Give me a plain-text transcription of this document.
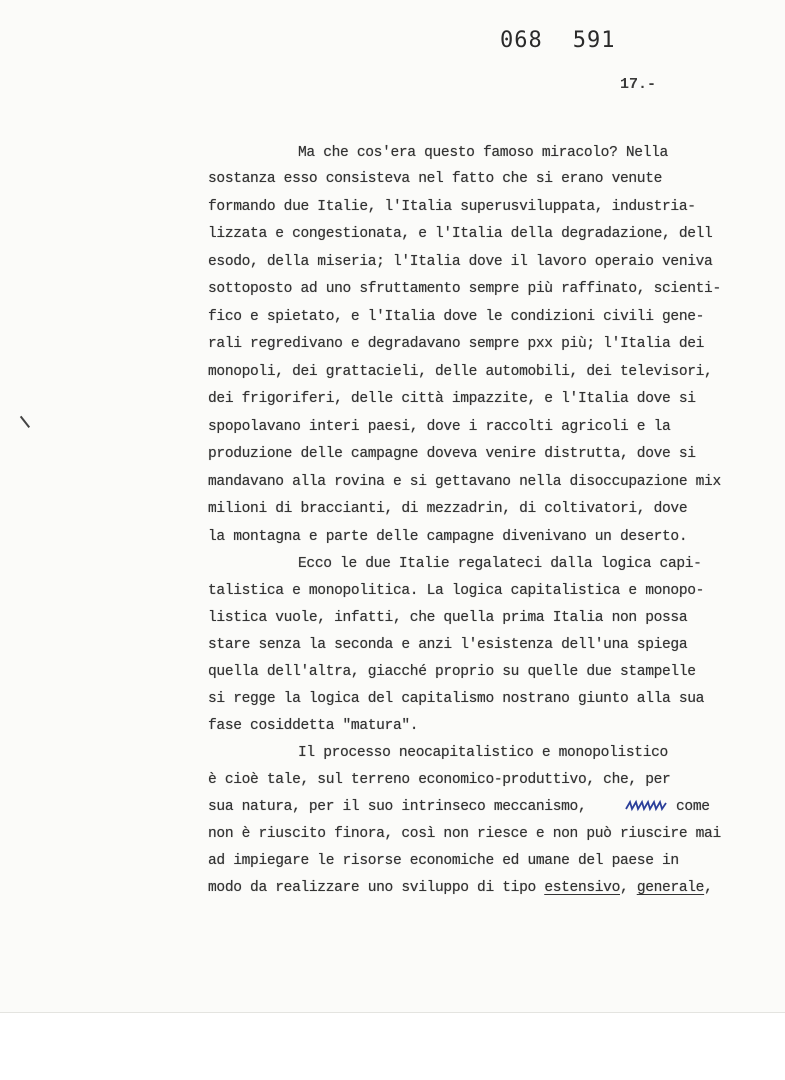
068 591
17.-
Ma che cos'era questo famoso miracolo? Nella
sostanza esso consisteva nel fatto che si erano venute
formando due Italie, l'Italia superusviluppata, industria-
lizzata e congestionata, e l'Italia della degradazione, dell
esodo, della miseria; l'Italia dove il lavoro operaio veniva
sottoposto ad uno sfruttamento sempre più raffinato, scienti-
fico e spietato, e l'Italia dove le condizioni civili gene-
rali regredivano e degradavano sempre pxx più; l'Italia dei
monopoli, dei grattacieli, delle automobili, dei televisori,
dei frigoriferi, delle città impazzite, e l'Italia dove si
spopolavano interi paesi, dove i raccolti agricoli e la
produzione delle campagne doveva venire distrutta, dove si
mandavano alla rovina e si gettavano nella disoccupazione mix
milioni di braccianti, di mezzadrin, di coltivatori, dove
la montagna e parte delle campagne divenivano un deserto.
Ecco le due Italie regalateci dalla logica capi-
talistica e monopolitica. La logica capitalistica e monopo-
listica vuole, infatti, che quella prima Italia non possa
stare senza la seconda e anzi l'esistenza dell'una spiega
quella dell'altra, giacché proprio su quelle due stampelle
si regge la logica del capitalismo nostrano giunto alla sua
fase cosiddetta "matura".
Il processo neocapitalistico e monopolistico
è cioè tale, sul terreno economico-produttivo, che, per
sua natura, per il suo intrinseco meccanismo,	come
non è riuscito finora, così non riesce e non può riuscire mai
ad impiegare le risorse economiche ed umane del paese in
modo da realizzare uno sviluppo di tipo estensivo, generale,
